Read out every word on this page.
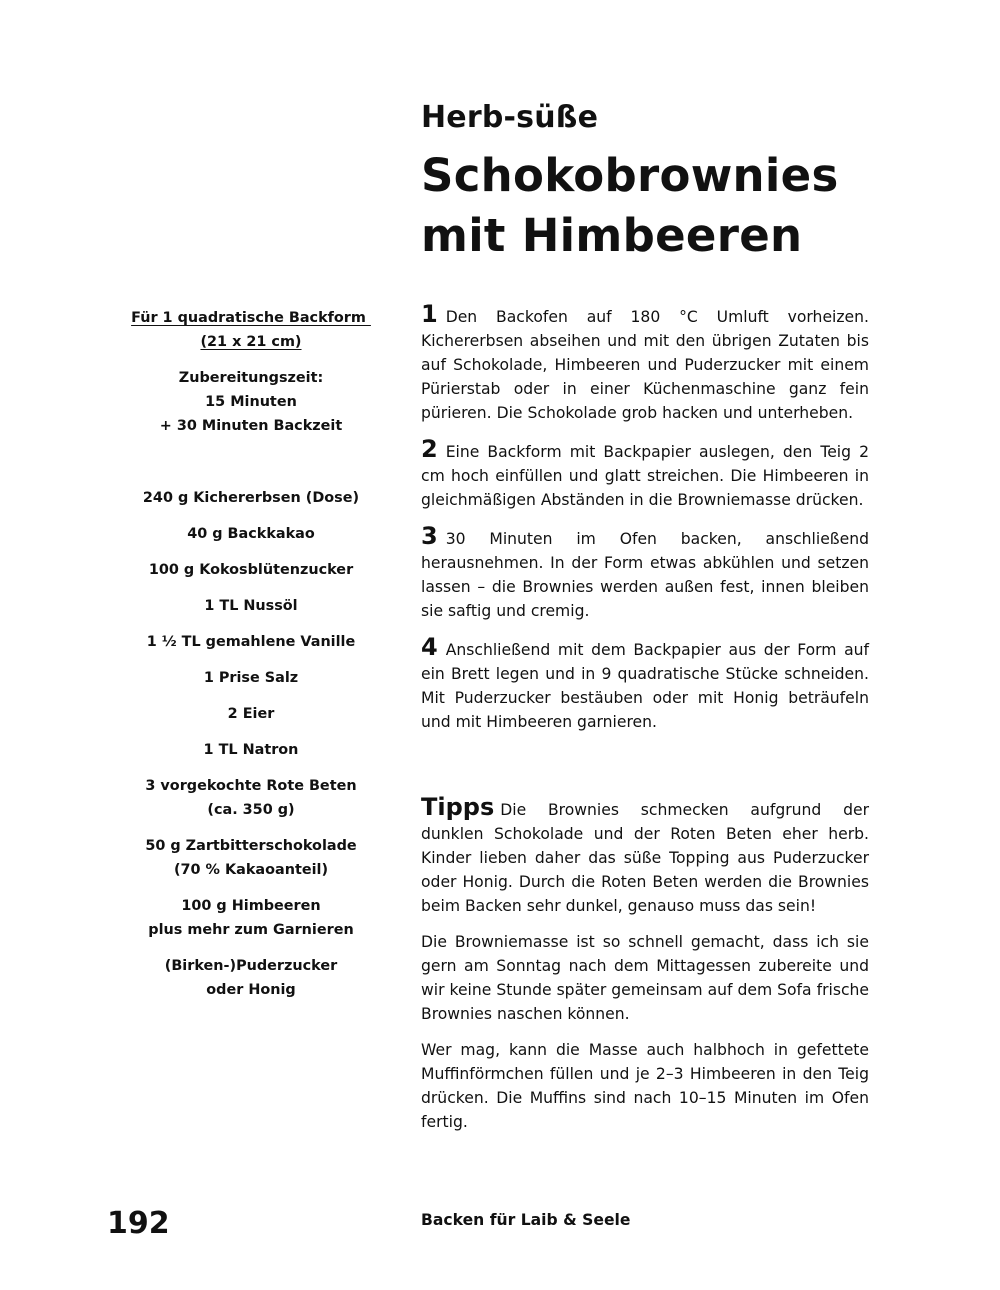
Herb-süße
Schokobrownies
mit Himbeeren
Für 1 quadratische Backform
(21 x 21 cm)
Zubereitungszeit:
15 Minuten
+ 30 Minuten Backzeit
240 g Kichererbsen (Dose)
40 g Backkakao
100 g Kokosblütenzucker
1 TL Nussöl
1 ½ TL gemahlene Vanille
1 Prise Salz
2 Eier
1 TL Natron
3 vorgekochte Rote Beten
(ca. 350 g)
50 g Zartbitterschokolade
(70 % Kakaoanteil)
100 g Himbeeren
plus mehr zum Garnieren
(Birken-)Puderzucker
oder Honig
1 Den Backofen auf 180 °C Umluft vorheizen. Kichererbsen abseihen und mit den übrigen Zutaten bis auf Schokolade, Himbeeren und Puderzucker mit einem Pürierstab oder in einer Küchenmaschine ganz fein pürieren. Die Schokolade grob hacken und unterheben.
2 Eine Backform mit Backpapier auslegen, den Teig 2 cm hoch einfüllen und glatt streichen. Die Himbeeren in gleichmäßigen Abständen in die Browniemasse drücken.
3 30 Minuten im Ofen backen, anschließend herausnehmen. In der Form etwas abkühlen und setzen lassen – die Brownies werden außen fest, innen bleiben sie saftig und cremig.
4 Anschließend mit dem Backpapier aus der Form auf ein Brett legen und in 9 quadratische Stücke schneiden. Mit Puderzucker bestäuben oder mit Honig beträufeln und mit Himbeeren garnieren.

Tipps Die Brownies schmecken aufgrund der dunklen Schokolade und der Roten Beten eher herb. Kinder lieben daher das süße Topping aus Puderzucker oder Honig. Durch die Roten Beten werden die Brownies beim Backen sehr dunkel, genauso muss das sein!

Die Browniemasse ist so schnell gemacht, dass ich sie gern am Sonntag nach dem Mittagessen zubereite und wir keine Stunde später gemeinsam auf dem Sofa frische Brownies naschen können.

Wer mag, kann die Masse auch halbhoch in gefettete Muffinförmchen füllen und je 2–3 Himbeeren in den Teig drücken. Die Muffins sind nach 10–15 Minuten im Ofen fertig.

192	Backen für Laib & Seele
